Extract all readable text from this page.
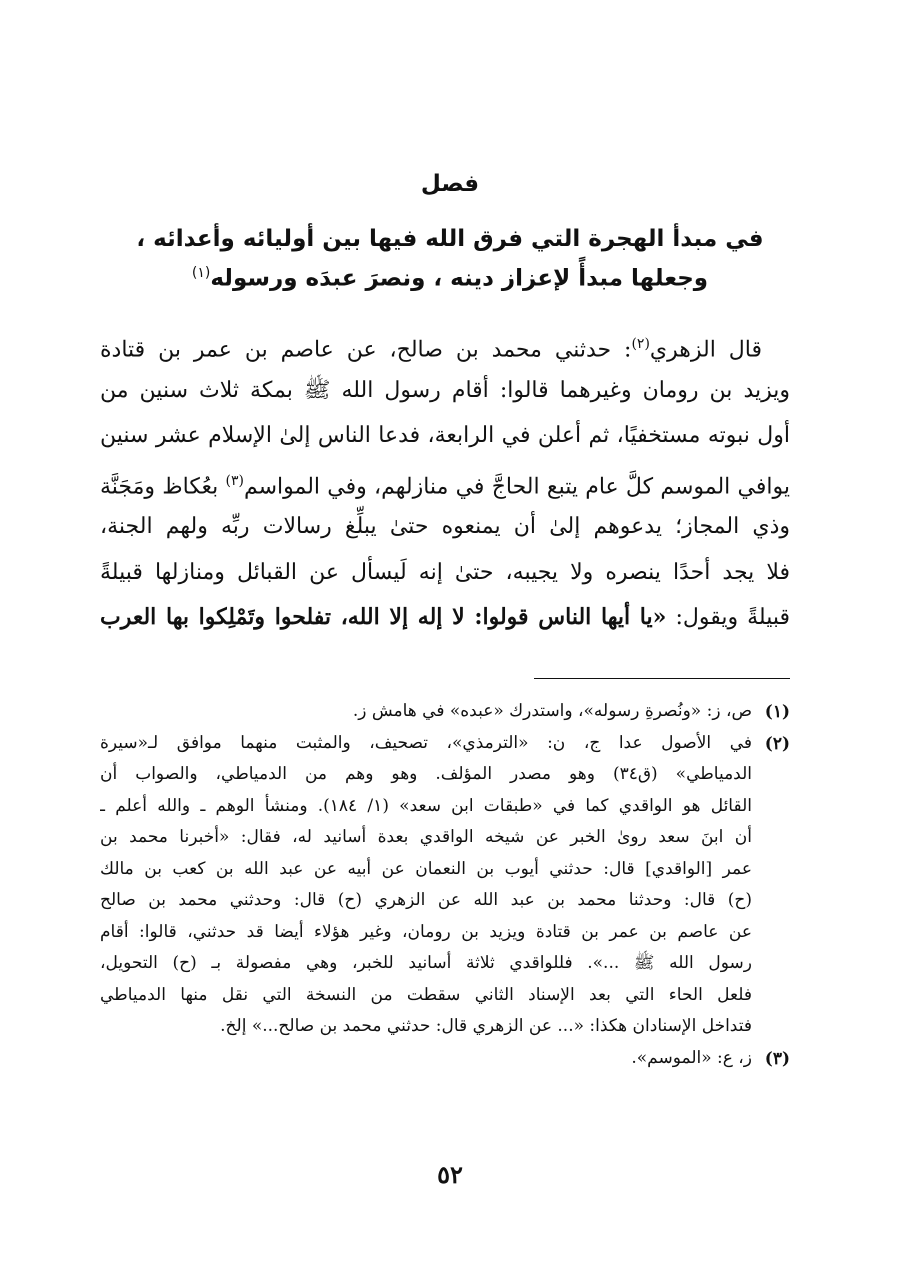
فصل
في مبدأ الهجرة التي فرق الله فيها بين أوليائه وأعدائه ،
وجعلها مبدأً لإعزاز دينه ، ونصرَ عبدَه ورسوله$^{(١)}$
قال الزهري$^{(٢)}$: حدثني محمد بن صالح، عن عاصم بن عمر بن قتادة
ويزيد بن رومان وغيرهما قالوا: أقام رسول الله ﷺ بمكة ثلاث سنين من
أول نبوته مستخفيًا، ثم أعلن في الرابعة، فدعا الناس إلىٰ الإسلام عشر سنين
يوافي الموسم كلَّ عام يتبع الحاجَّ في منازلهم، وفي المواسم$^{(٣)}$ بعُكاظ ومَجَنَّة
وذي المجاز؛ يدعوهم إلىٰ أن يمنعوه حتىٰ يبلِّغ رسالات ربِّه ولهم الجنة،
فلا يجد أحدًا ينصره ولا يجيبه، حتىٰ إنه لَيسأل عن القبائل ومنازلها قبيلةً
قبيلةً ويقول: «يا أيها الناس قولوا: لا إله إلا الله، تفلحوا وتَمْلِكوا بها العرب
(١)
ص، ز: «ونُصرةِ رسوله»، واستدرك «عبده» في هامش ز.
(٢)
في الأصول عدا ج، ن: «الترمذي»، تصحيف، والمثبت منهما موافق لـ«سيرة
الدمياطي» (ق٣٤) وهو مصدر المؤلف. وهو وهم من الدمياطي، والصواب أن
القائل هو الواقدي كما في «طبقات ابن سعد» (١/ ١٨٤). ومنشأ الوهم ـ والله أعلم ـ
أن ابنَ سعد روىٰ الخبر عن شيخه الواقدي بعدة أسانيد له، فقال: «أخبرنا محمد بن
عمر [الواقدي] قال: حدثني أيوب بن النعمان عن أبيه عن عبد الله بن كعب بن مالك
(ح) قال: وحدثنا محمد بن عبد الله عن الزهري (ح) قال: وحدثني محمد بن صالح
عن عاصم بن عمر بن قتادة ويزيد بن رومان، وغير هؤلاء أيضا قد حدثني، قالوا: أقام
رسول الله ﷺ ...». فللواقدي ثلاثة أسانيد للخبر، وهي مفصولة بـ (ح) التحويل،
فلعل الحاء التي بعد الإسناد الثاني سقطت من النسخة التي نقل منها الدمياطي
فتداخل الإسنادان هكذا: «... عن الزهري قال: حدثني محمد بن صالح...» إلخ.
(٣)
ز، ع: «الموسم».
٥٢
